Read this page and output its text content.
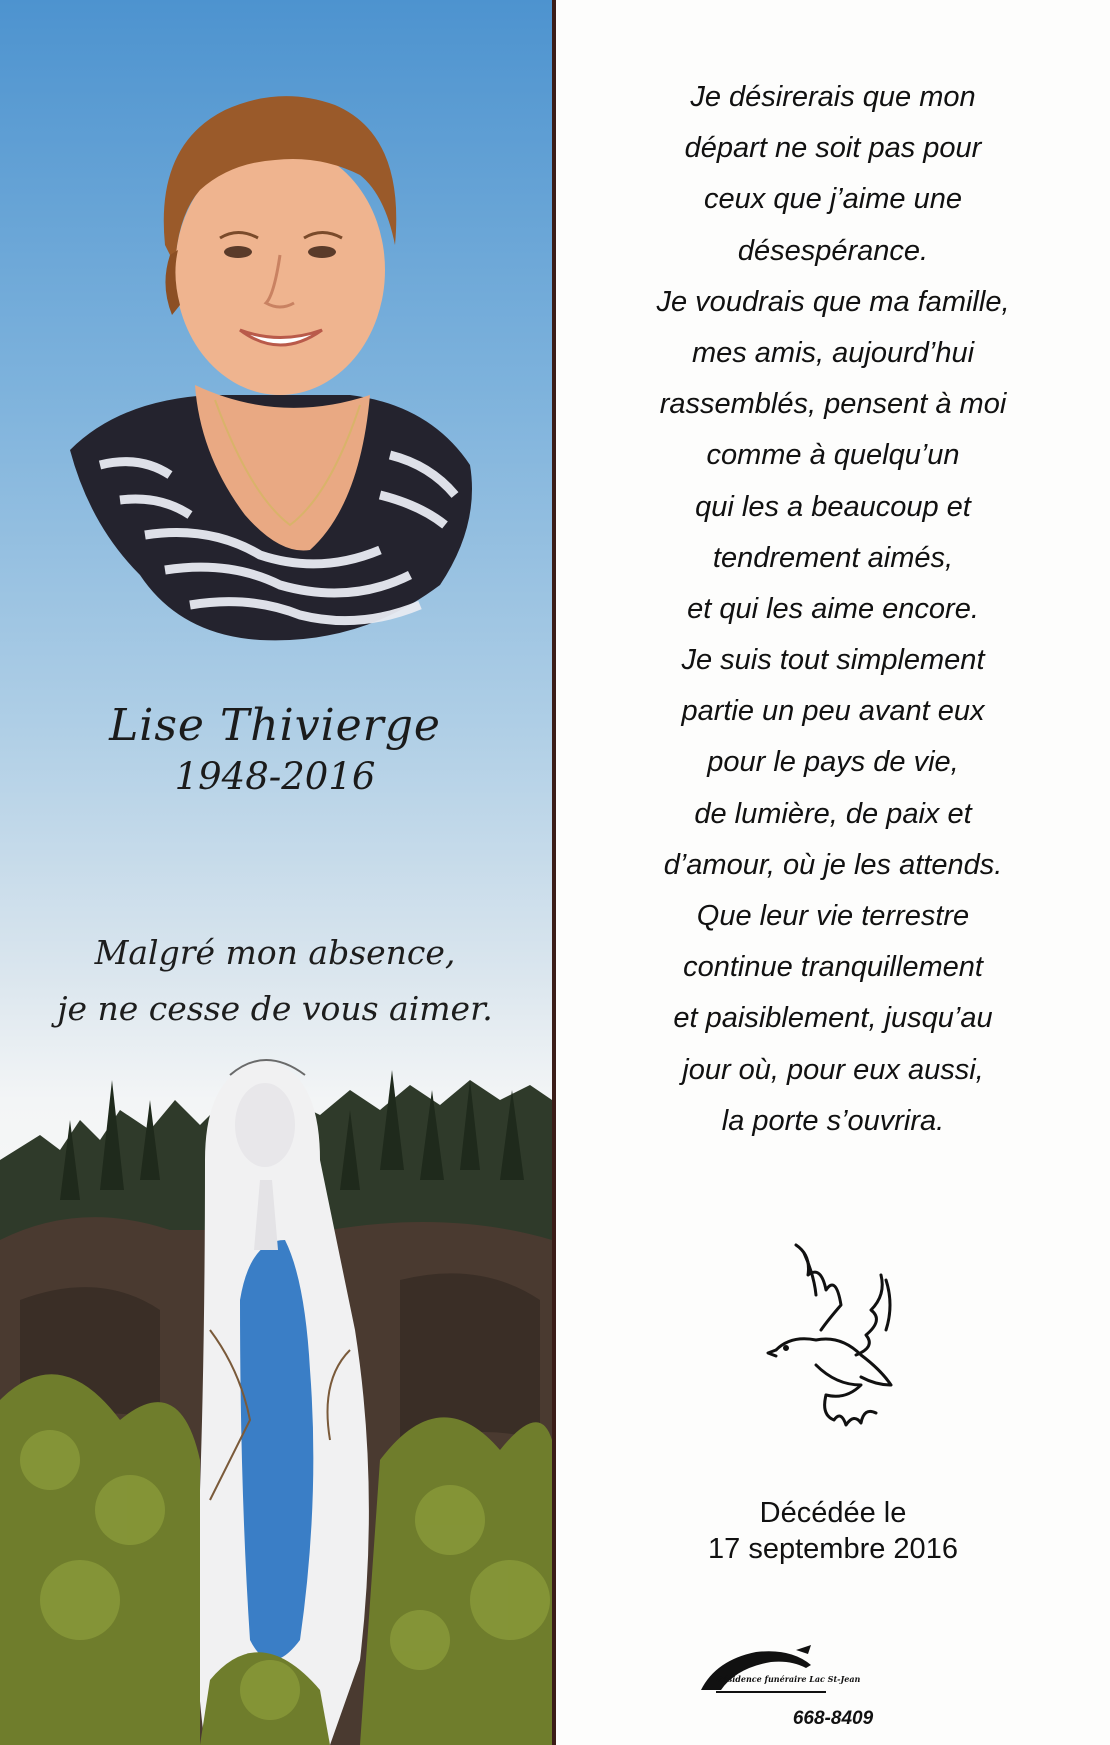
Lise Thivierge
1948-2016
Malgré mon absence,
je ne cesse de vous aimer.
Je désirerais que mon
départ ne soit pas pour
ceux que j’aime une
désespérance.
Je voudrais que ma famille,
mes amis, aujourd’hui
rassemblés, pensent à moi
comme à quelqu’un
qui les a beaucoup et
tendrement aimés,
et qui les aime encore.
Je suis tout simplement
partie un peu avant eux
pour le pays de vie,
de lumière, de paix et
d’amour, où je les attends.
Que leur vie terrestre
continue tranquillement
et paisiblement, jusqu’au
jour où, pour eux aussi,
la porte s’ouvrira.
Décédée le
17 septembre 2016
Résidence funéraire Lac St-Jean
668-8409
